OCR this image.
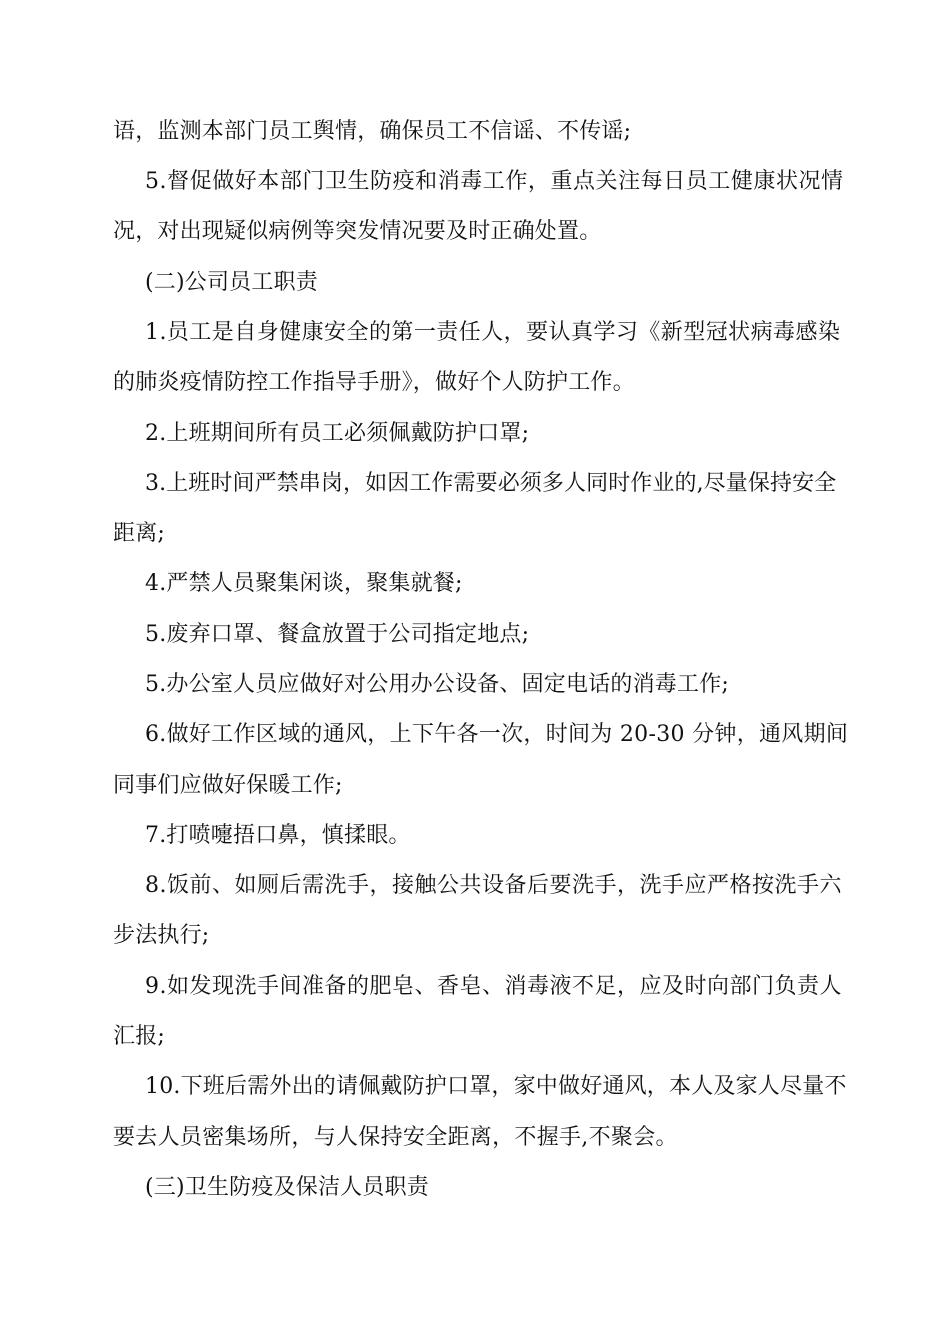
语，监测本部门员工舆情，确保员工不信谣、不传谣;
5.督促做好本部门卫生防疫和消毒工作，重点关注每日员工健康状况情
况，对出现疑似病例等突发情况要及时正确处置。
(二)公司员工职责
1.员工是自身健康安全的第一责任人，要认真学习《新型冠状病毒感染
的肺炎疫情防控工作指导手册》，做好个人防护工作。
2.上班期间所有员工必须佩戴防护口罩;
3.上班时间严禁串岗，如因工作需要必须多人同时作业的,尽量保持安全
距离;
4.严禁人员聚集闲谈，聚集就餐;
5.废弃口罩、餐盒放置于公司指定地点;
5.办公室人员应做好对公用办公设备、固定电话的消毒工作;
6.做好工作区域的通风，上下午各一次，时间为 20-30 分钟，通风期间
同事们应做好保暖工作;
7.打喷嚏捂口鼻，慎揉眼。
8.饭前、如厕后需洗手，接触公共设备后要洗手，洗手应严格按洗手六
步法执行;
9.如发现洗手间准备的肥皂、香皂、消毒液不足，应及时向部门负责人
汇报;
10.下班后需外出的请佩戴防护口罩，家中做好通风，本人及家人尽量不
要去人员密集场所，与人保持安全距离，不握手,不聚会。
(三)卫生防疫及保洁人员职责
